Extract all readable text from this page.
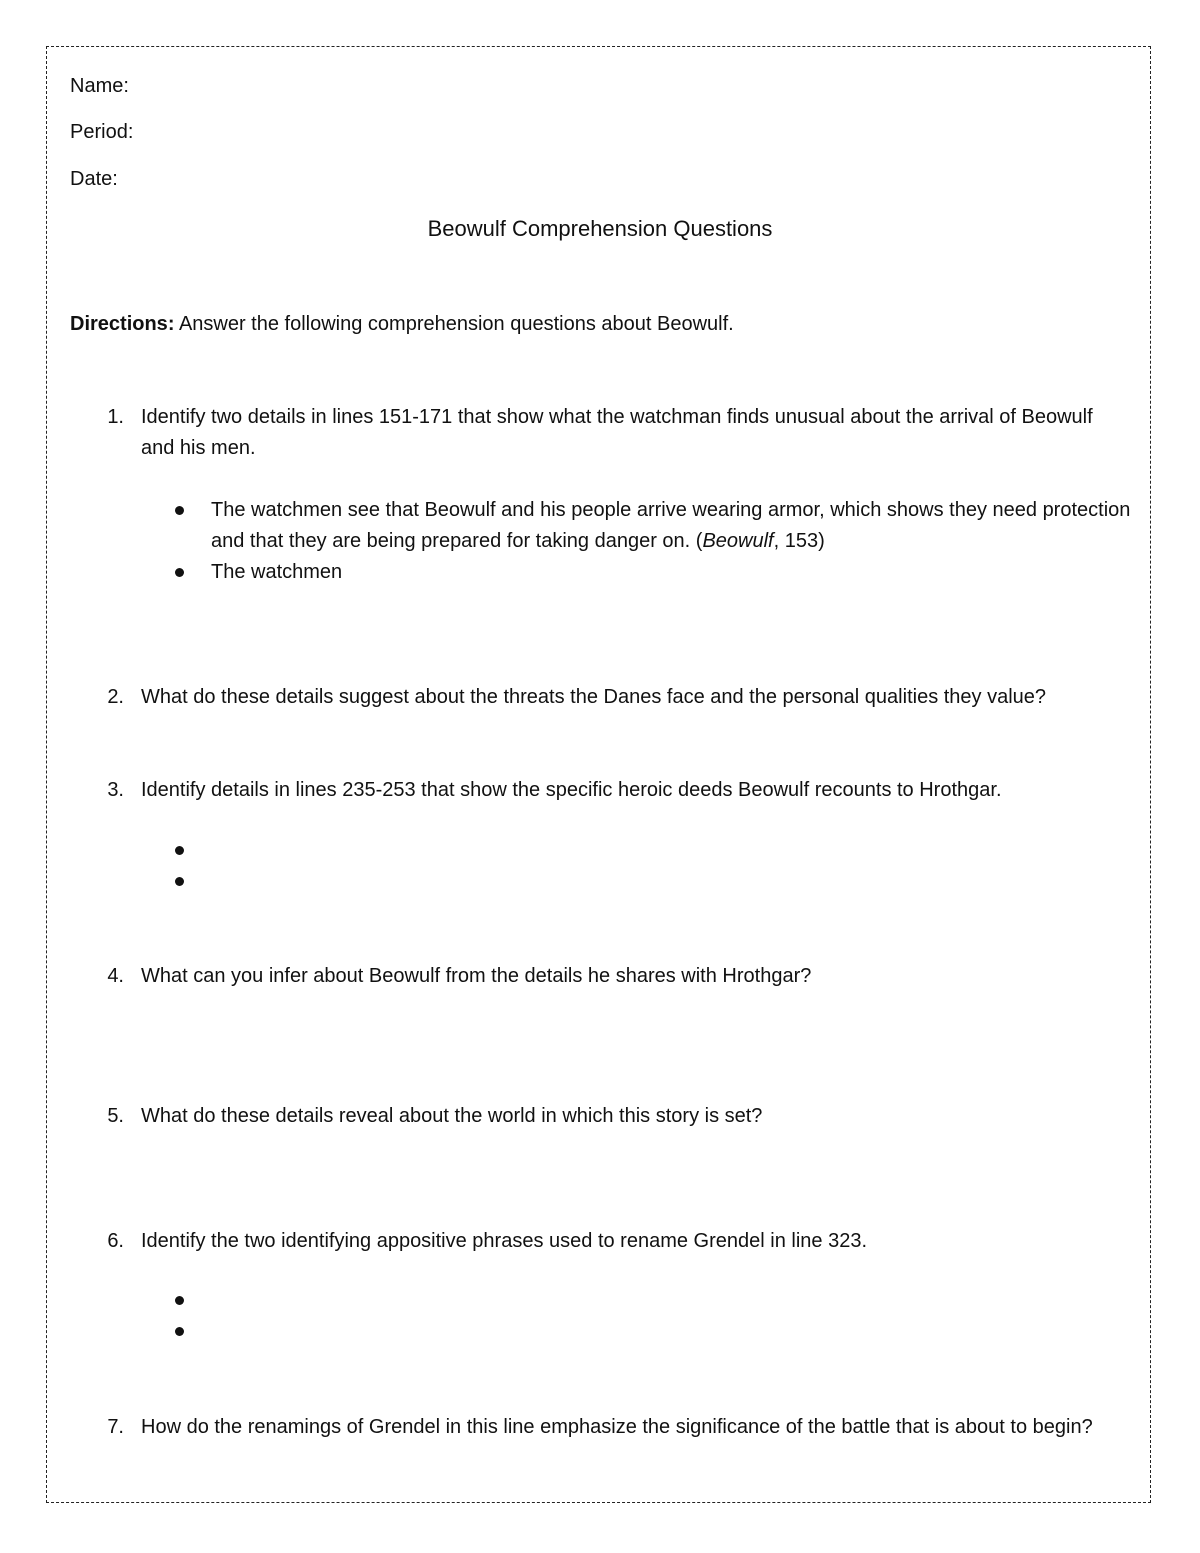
Name:
Period:
Date:
Beowulf Comprehension Questions
Directions: Answer the following comprehension questions about Beowulf.
1. Identify two details in lines 151-171 that show what the watchman finds unusual about the arrival of Beowulf and his men.
The watchmen see that Beowulf and his people arrive wearing armor, which shows they need protection and that they are being prepared for taking danger on. (Beowulf, 153)
The watchmen
2. What do these details suggest about the threats the Danes face and the personal qualities they value?
3. Identify details in lines 235-253 that show the specific heroic deeds Beowulf recounts to Hrothgar.
4. What can you infer about Beowulf from the details he shares with Hrothgar?
5. What do these details reveal about the world in which this story is set?
6. Identify the two identifying appositive phrases used to rename Grendel in line 323.
7. How do the renamings of Grendel in this line emphasize the significance of the battle that is about to begin?
